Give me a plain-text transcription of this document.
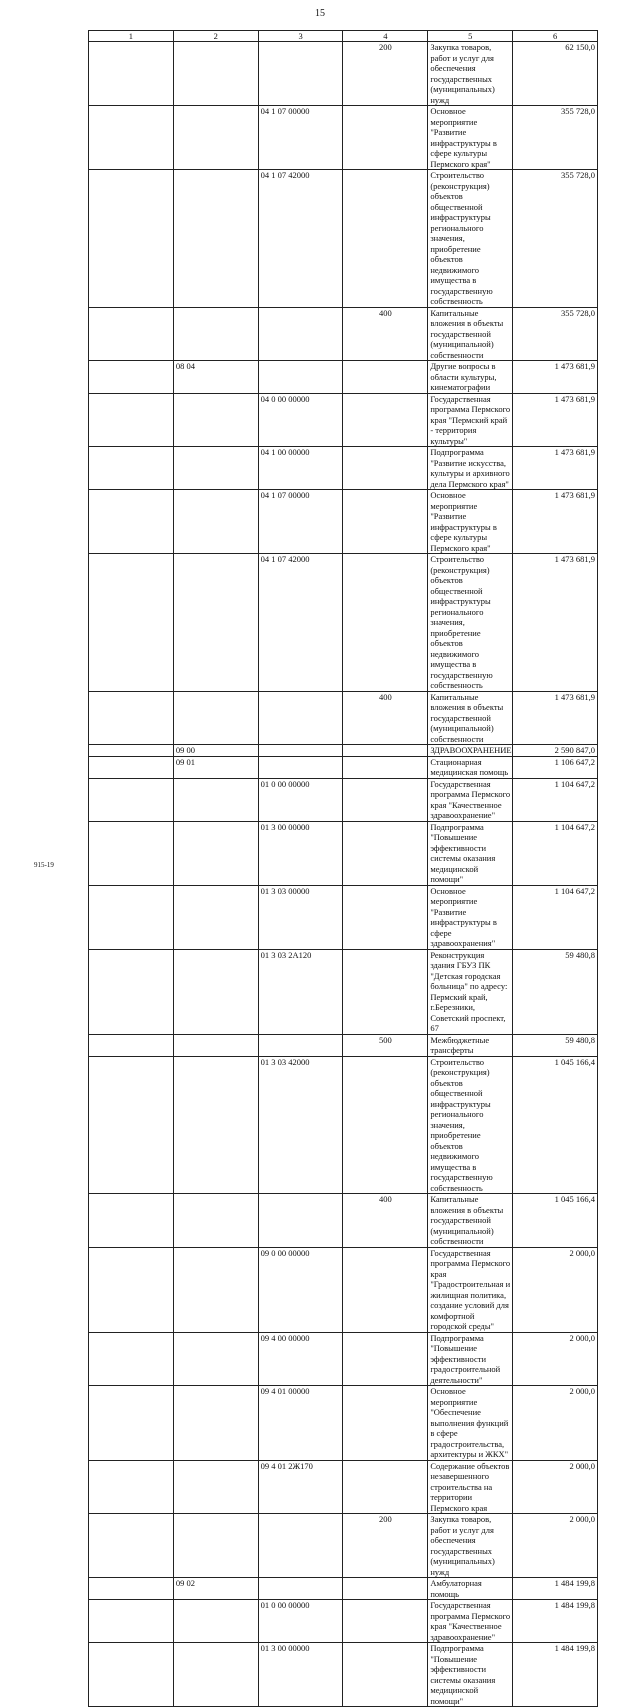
15
1	2	3	4	5	6
			200	Закупка товаров, работ и услуг для обеспечения государственных (муниципальных) нужд	62 150,0
		04 1 07 00000		Основное мероприятие "Развитие инфраструктуры в сфере культуры Пермского края"	355 728,0
		04 1 07 42000		Строительство (реконструкция) объектов общественной инфраструктуры регионального значения, приобретение объектов недвижимого имущества в государственную собственность	355 728,0
			400	Капитальные вложения в объекты государственной (муниципальной) собственности	355 728,0
	08 04			Другие вопросы в области культуры, кинематографии	1 473 681,9
		04 0 00 00000		Государственная программа Пермского края "Пермский край - территория культуры"	1 473 681,9
		04 1 00 00000		Подпрограмма "Развитие искусства, культуры и архивного дела Пермского края"	1 473 681,9
		04 1 07 00000		Основное мероприятие "Развитие инфраструктуры в сфере культуры Пермского края"	1 473 681,9
		04 1 07 42000		Строительство (реконструкция) объектов общественной инфраструктуры регионального значения, приобретение объектов недвижимого имущества в государственную собственность	1 473 681,9
			400	Капитальные вложения в объекты государственной (муниципальной) собственности	1 473 681,9
	09 00			ЗДРАВООХРАНЕНИЕ	2 590 847,0
	09 01			Стационарная медицинская помощь	1 106 647,2
		01 0 00 00000		Государственная программа Пермского края "Качественное здравоохранение"	1 104 647,2
		01 3 00 00000		Подпрограмма "Повышение эффективности системы оказания медицинской помощи"	1 104 647,2
		01 3 03 00000		Основное мероприятие "Развитие инфраструктуры в сфере здравоохранения"	1 104 647,2
		01 3 03 2А120		Реконструкция здания ГБУЗ ПК "Детская городская больница" по адресу: Пермский край, г.Березники, Советский проспект, 67	59 480,8
			500	Межбюджетные трансферты	59 480,8
		01 3 03 42000		Строительство (реконструкция) объектов общественной инфраструктуры регионального значения, приобретение объектов недвижимого имущества в государственную собственность	1 045 166,4
			400	Капитальные вложения в объекты государственной (муниципальной) собственности	1 045 166,4
		09 0 00 00000		Государственная программа Пермского края "Градостроительная и жилищная политика, создание условий для комфортной городской среды"	2 000,0
		09 4 00 00000		Подпрограмма "Повышение эффективности градостроительной деятельности"	2 000,0
		09 4 01 00000		Основное мероприятие "Обеспечение выполнения функций в сфере градостроительства, архитектуры и ЖКХ"	2 000,0
		09 4 01 2Ж170		Содержание объектов незавершенного строительства на территории Пермского края	2 000,0
			200	Закупка товаров, работ и услуг для обеспечения государственных (муниципальных) нужд	2 000,0
	09 02			Амбулаторная помощь	1 484 199,8
		01 0 00 00000		Государственная программа Пермского края "Качественное здравоохранение"	1 484 199,8
		01 3 00 00000		Подпрограмма "Повышение эффективности системы оказания медицинской помощи"	1 484 199,8
915-19
